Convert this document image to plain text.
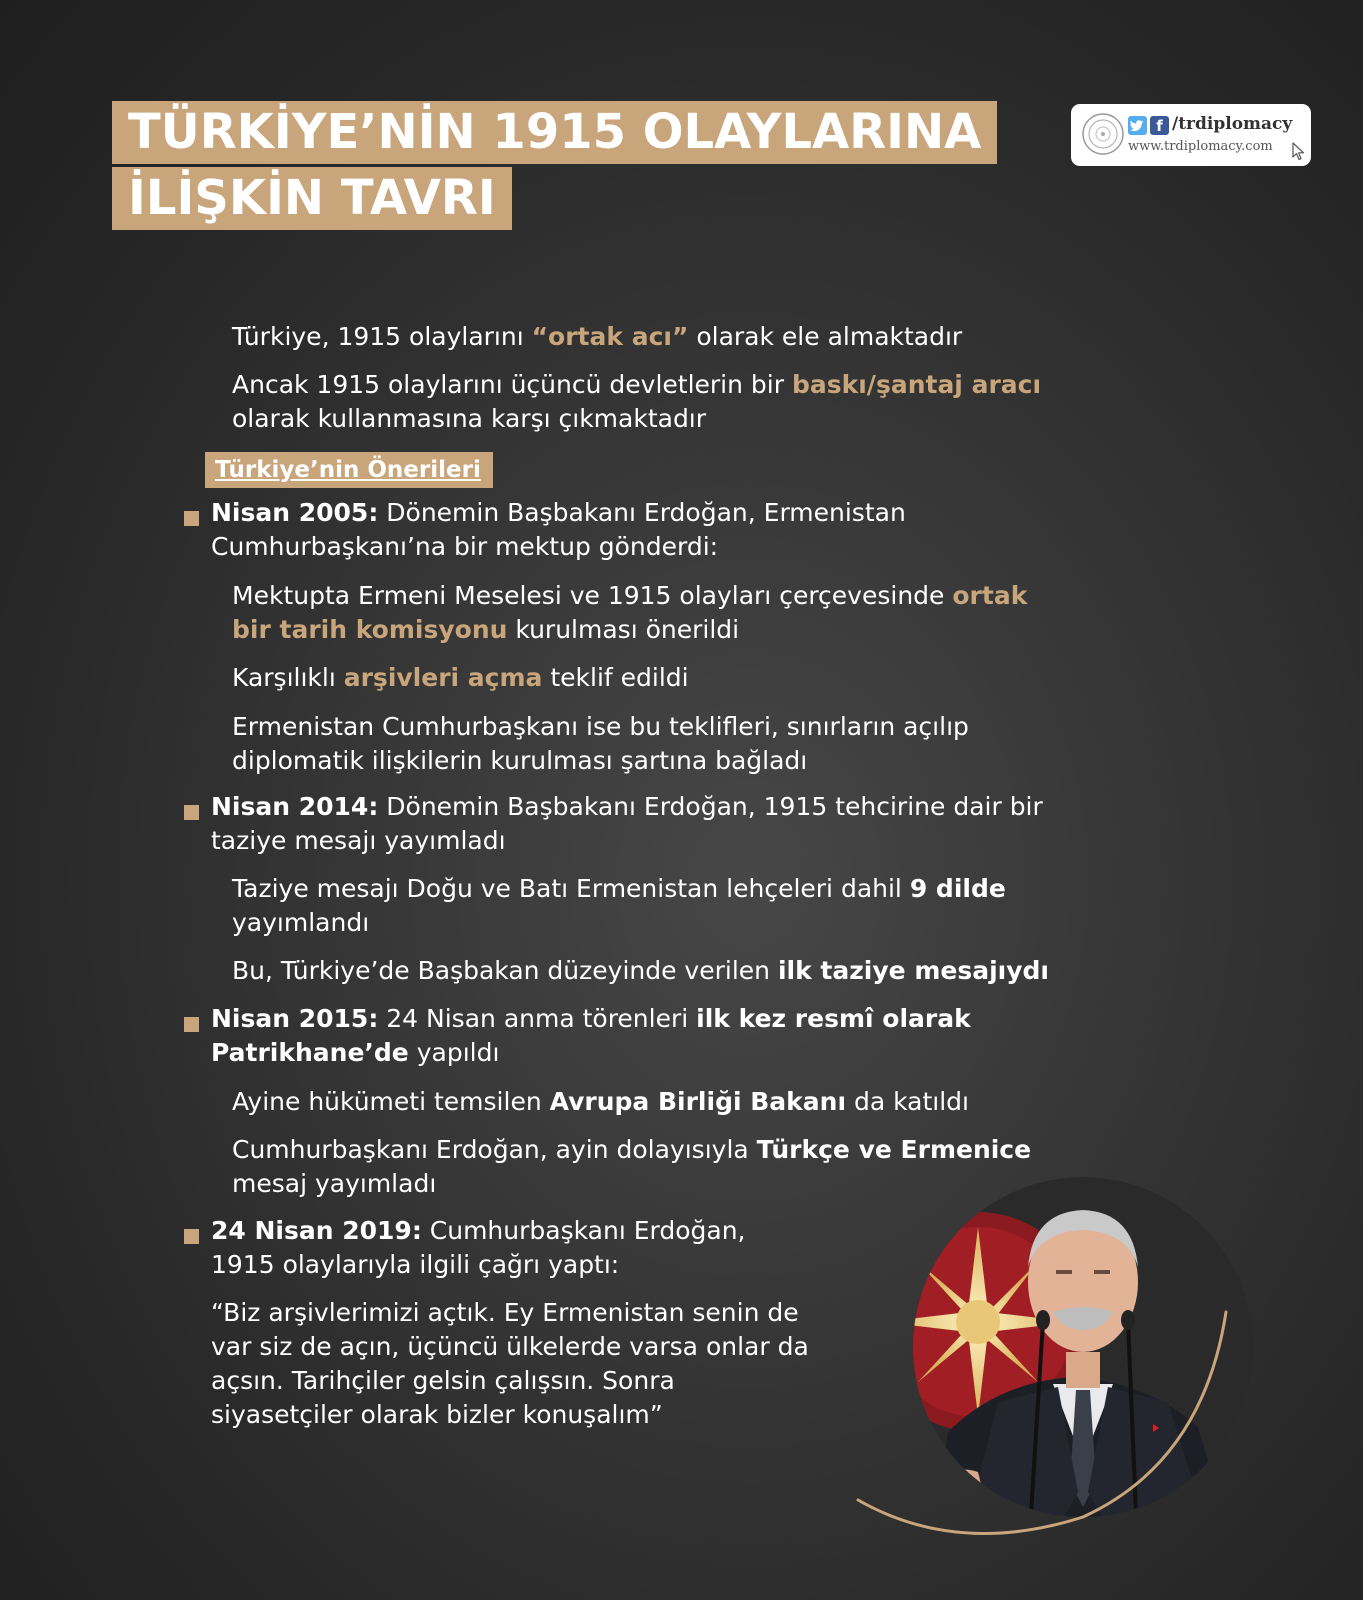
TÜRKİYE’NİN 1915 OLAYLARINA
İLİŞKİN TAVRI
f /trdiplomacy
www.trdiplomacy.com

Türkiye, 1915 olaylarını “ortak acı” olarak ele almaktadır

Ancak 1915 olaylarını üçüncü devletlerin bir baskı/şantaj aracı olarak kullanmasına karşı çıkmaktadır

Türkiye’nin Önerileri

Nisan 2005: Dönemin Başbakanı Erdoğan, Ermenistan Cumhurbaşkanı’na bir mektup gönderdi:

Mektupta Ermeni Meselesi ve 1915 olayları çerçevesinde ortak bir tarih komisyonu kurulması önerildi

Karşılıklı arşivleri açma teklif edildi

Ermenistan Cumhurbaşkanı ise bu teklifleri, sınırların açılıp diplomatik ilişkilerin kurulması şartına bağladı

Nisan 2014: Dönemin Başbakanı Erdoğan, 1915 tehcirine dair bir taziye mesajı yayımladı

Taziye mesajı Doğu ve Batı Ermenistan lehçeleri dahil 9 dilde yayımlandı

Bu, Türkiye’de Başbakan düzeyinde verilen ilk taziye mesajıydı

Nisan 2015: 24 Nisan anma törenleri ilk kez resmî olarak Patrikhane’de yapıldı

Ayine hükümeti temsilen Avrupa Birliği Bakanı da katıldı

Cumhurbaşkanı Erdoğan, ayin dolayısıyla Türkçe ve Ermenice mesaj yayımladı

24 Nisan 2019: Cumhurbaşkanı Erdoğan, 1915 olaylarıyla ilgili çağrı yaptı:

“Biz arşivlerimizi açtık. Ey Ermenistan senin de var siz de açın, üçüncü ülkelerde varsa onlar da açsın. Tarihçiler gelsin çalışsın. Sonra siyasetçiler olarak bizler konuşalım”
